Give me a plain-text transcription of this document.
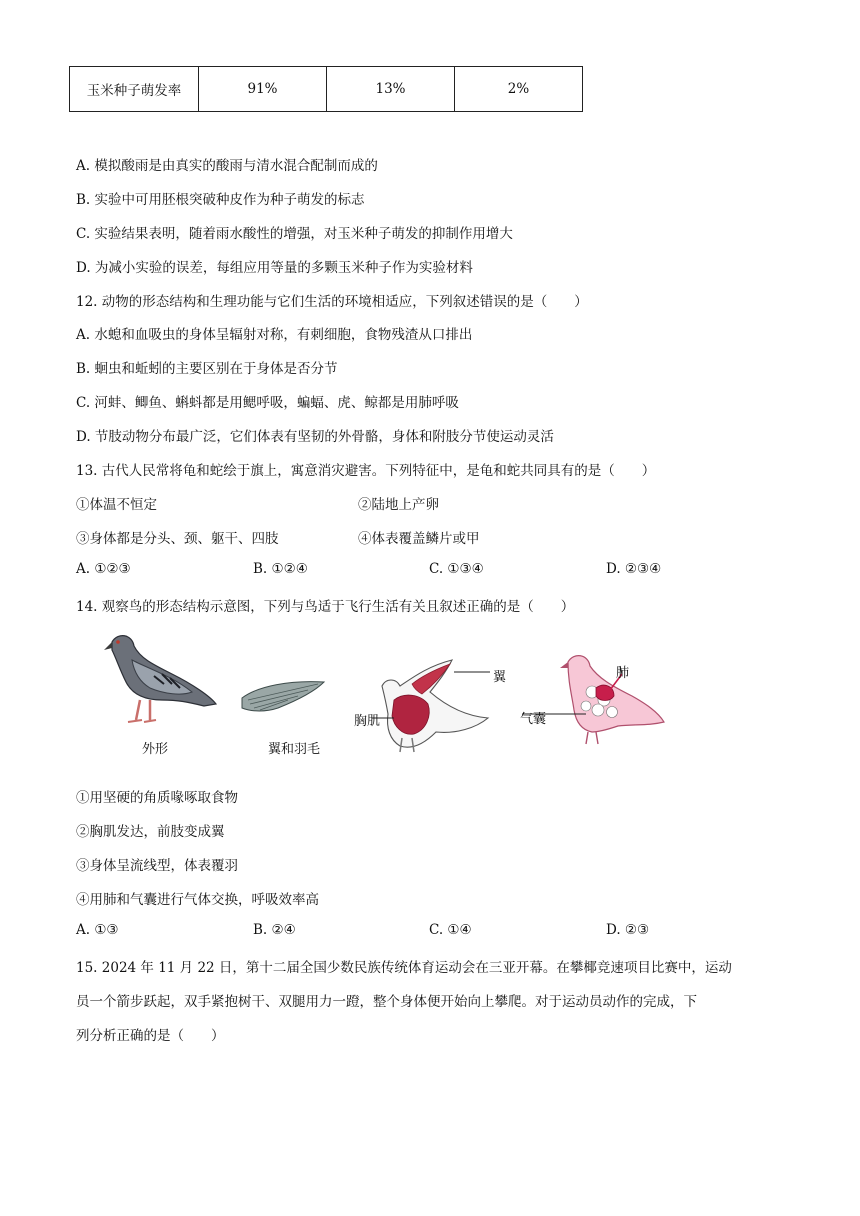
玉米种子萌发率	91%	13%	2%
A. 模拟酸雨是由真实的酸雨与清水混合配制而成的
B. 实验中可用胚根突破种皮作为种子萌发的标志
C. 实验结果表明，随着雨水酸性的增强，对玉米种子萌发的抑制作用增大
D. 为减小实验的误差，每组应用等量的多颗玉米种子作为实验材料
12. 动物的形态结构和生理功能与它们生活的环境相适应，下列叙述错误的是（　　）
A. 水螅和血吸虫的身体呈辐射对称，有刺细胞，食物残渣从口排出
B. 蛔虫和蚯蚓的主要区别在于身体是否分节
C. 河蚌、鲫鱼、蝌蚪都是用鳃呼吸，蝙蝠、虎、鲸都是用肺呼吸
D. 节肢动物分布最广泛，它们体表有坚韧的外骨骼，身体和附肢分节使运动灵活
13. 古代人民常将龟和蛇绘于旗上，寓意消灾避害。下列特征中，是龟和蛇共同具有的是（　　）
①体温不恒定	②陆地上产卵
③身体都是分头、颈、躯干、四肢	④体表覆盖鳞片或甲
A. ①②③	B. ①②④	C. ①③④	D. ②③④
14. 观察鸟的形态结构示意图，下列与鸟适于飞行生活有关且叙述正确的是（　　）
外形	翼和羽毛
翼
胸肌
肺
气囊
①用坚硬的角质喙啄取食物
②胸肌发达，前肢变成翼
③身体呈流线型，体表覆羽
④用肺和气囊进行气体交换，呼吸效率高
A. ①③	B. ②④	C. ①④	D. ②③
15. 2024 年 11 月 22 日，第十二届全国少数民族传统体育运动会在三亚开幕。在攀椰竞速项目比赛中，运动
员一个箭步跃起，双手紧抱树干、双腿用力一蹬，整个身体便开始向上攀爬。对于运动员动作的完成，下
列分析正确的是（　　）
